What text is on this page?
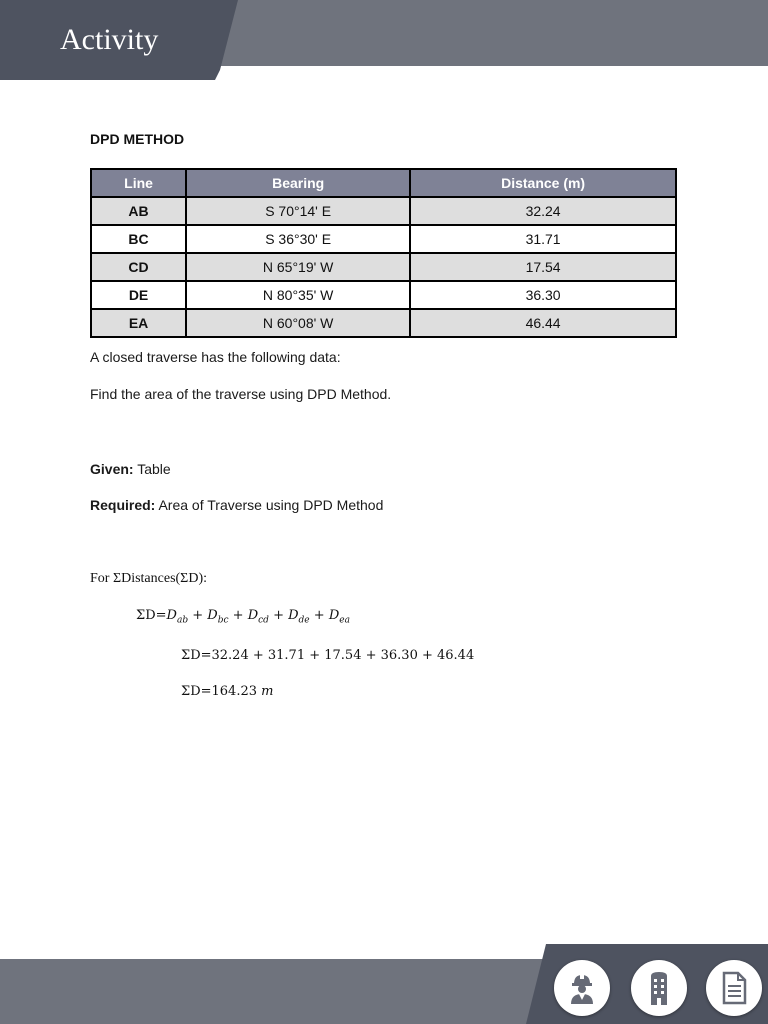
Activity
DPD METHOD
Line	Bearing	Distance (m)
AB	S 70°14' E	32.24
BC	S 36°30' E	31.71
CD	N 65°19' W	17.54
DE	N 80°35' W	36.30
EA	N 60°08' W	46.44

A closed traverse has the following data:

Find the area of the traverse using DPD Method.

Given: Table

Required: Area of Traverse using DPD Method

For ΣDistances(ΣD):
$\Sigma D=D_{ab} + D_{bc} + D_{cd} + D_{de} + D_{ea}$
ΣD=32.24 + 31.71 + 17.54 + 36.30 + 46.44
ΣD=164.23 m
